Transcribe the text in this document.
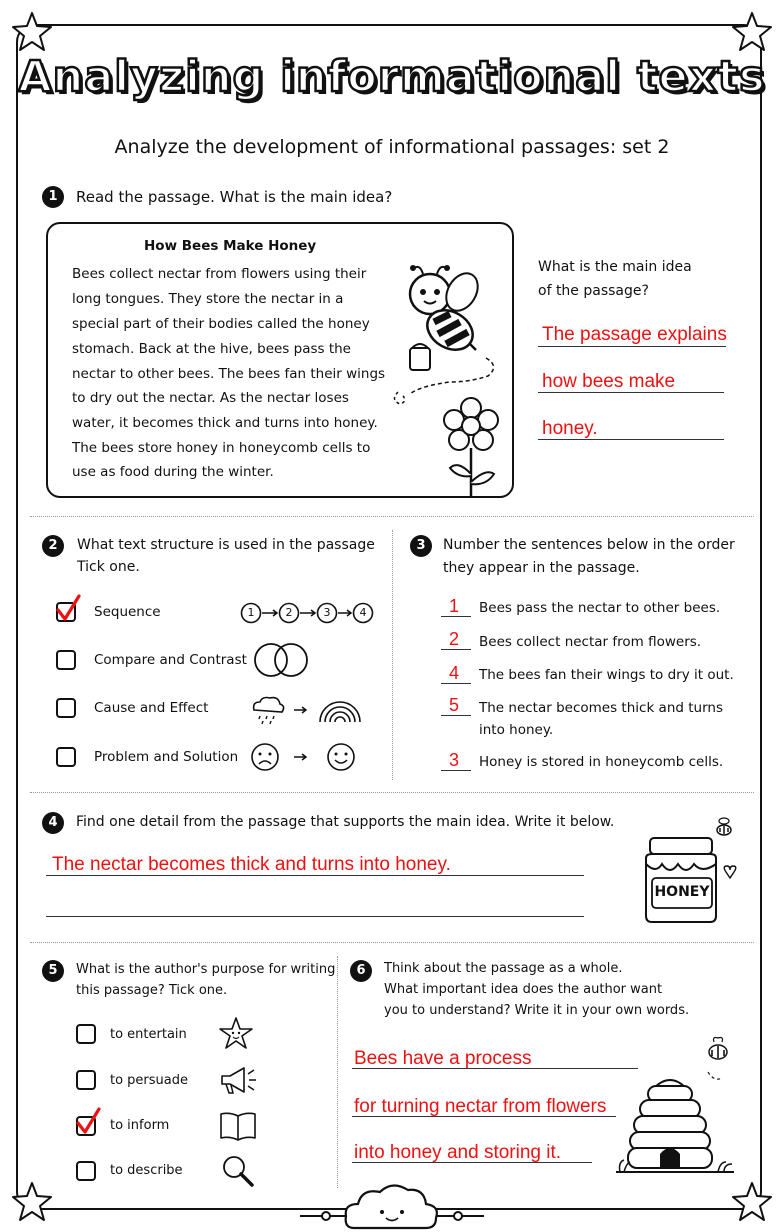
Analyzing informational texts
Analyze the development of informational passages: set 2
1	Read the passage. What is the main idea?
How Bees Make Honey
Bees collect nectar from flowers using their
long tongues. They store the nectar in a
special part of their bodies called the honey
stomach. Back at the hive, bees pass the
nectar to other bees. The bees fan their wings
to dry out the nectar. As the nectar loses
water, it becomes thick and turns into honey.
The bees store honey in honeycomb cells to
use as food during the winter.
What is the main idea
of the passage?
The passage explains
how bees make
honey.
2	What text structure is used in the passage
Tick one.
Sequence	1	2	3	4
Compare and Contrast
Cause and Effect
Problem and Solution
3	Number the sentences below in the order
they appear in the passage.
1	Bees pass the nectar to other bees.
2	Bees collect nectar from flowers.
4	The bees fan their wings to dry it out.
5	The nectar becomes thick and turns
into honey.
3	Honey is stored in honeycomb cells.
4	Find one detail from the passage that supports the main idea. Write it below.
The nectar becomes thick and turns into honey.
HONEY
5	What is the author's purpose for writing
this passage? Tick one.
to entertain
to persuade
to inform
to describe
6	Think about the passage as a whole.
What important idea does the author want
you to understand? Write it in your own words.
Bees have a process
for turning nectar from flowers
into honey and storing it.
